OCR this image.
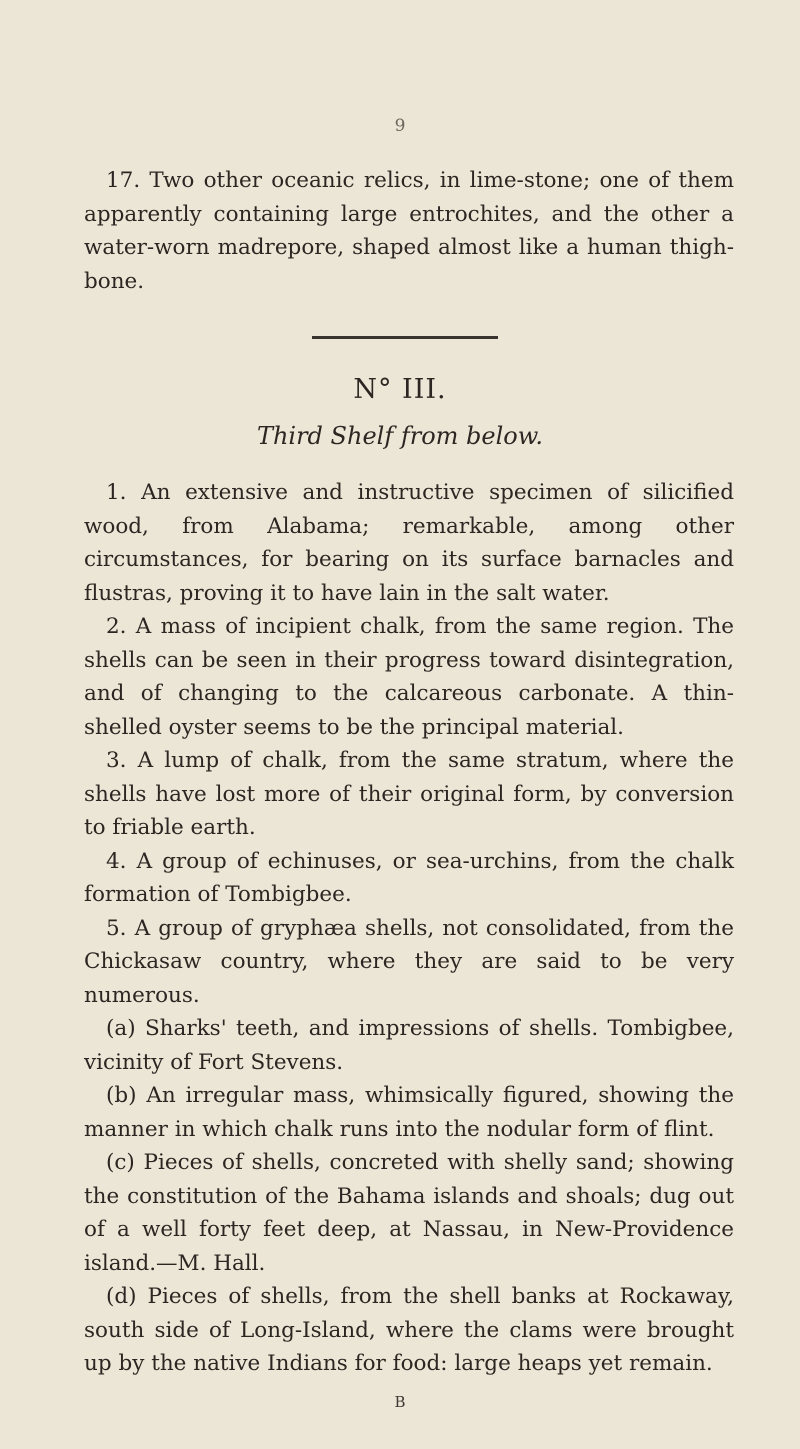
9

17. Two other oceanic relics, in lime-stone; one of them apparently containing large entrochites, and the other a water-worn madrepore, shaped almost like a human thigh-bone.

N° III.
Third Shelf from below.

1. An extensive and instructive specimen of silicified wood, from Alabama; remarkable, among other circumstances, for bearing on its surface barnacles and flustras, proving it to have lain in the salt water.

2. A mass of incipient chalk, from the same region. The shells can be seen in their progress toward disintegration, and of changing to the calcareous carbonate. A thin-shelled oyster seems to be the principal material.

3. A lump of chalk, from the same stratum, where the shells have lost more of their original form, by conversion to friable earth.

4. A group of echinuses, or sea-urchins, from the chalk formation of Tombigbee.

5. A group of gryphæa shells, not consolidated, from the Chickasaw country, where they are said to be very numerous.

(a) Sharks' teeth, and impressions of shells. Tombigbee, vicinity of Fort Stevens.

(b) An irregular mass, whimsically figured, showing the manner in which chalk runs into the nodular form of flint.

(c) Pieces of shells, concreted with shelly sand; showing the constitution of the Bahama islands and shoals; dug out of a well forty feet deep, at Nassau, in New-Providence island.—M. Hall.

(d) Pieces of shells, from the shell banks at Rockaway, south side of Long-Island, where the clams were brought up by the native Indians for food: large heaps yet remain.

B
